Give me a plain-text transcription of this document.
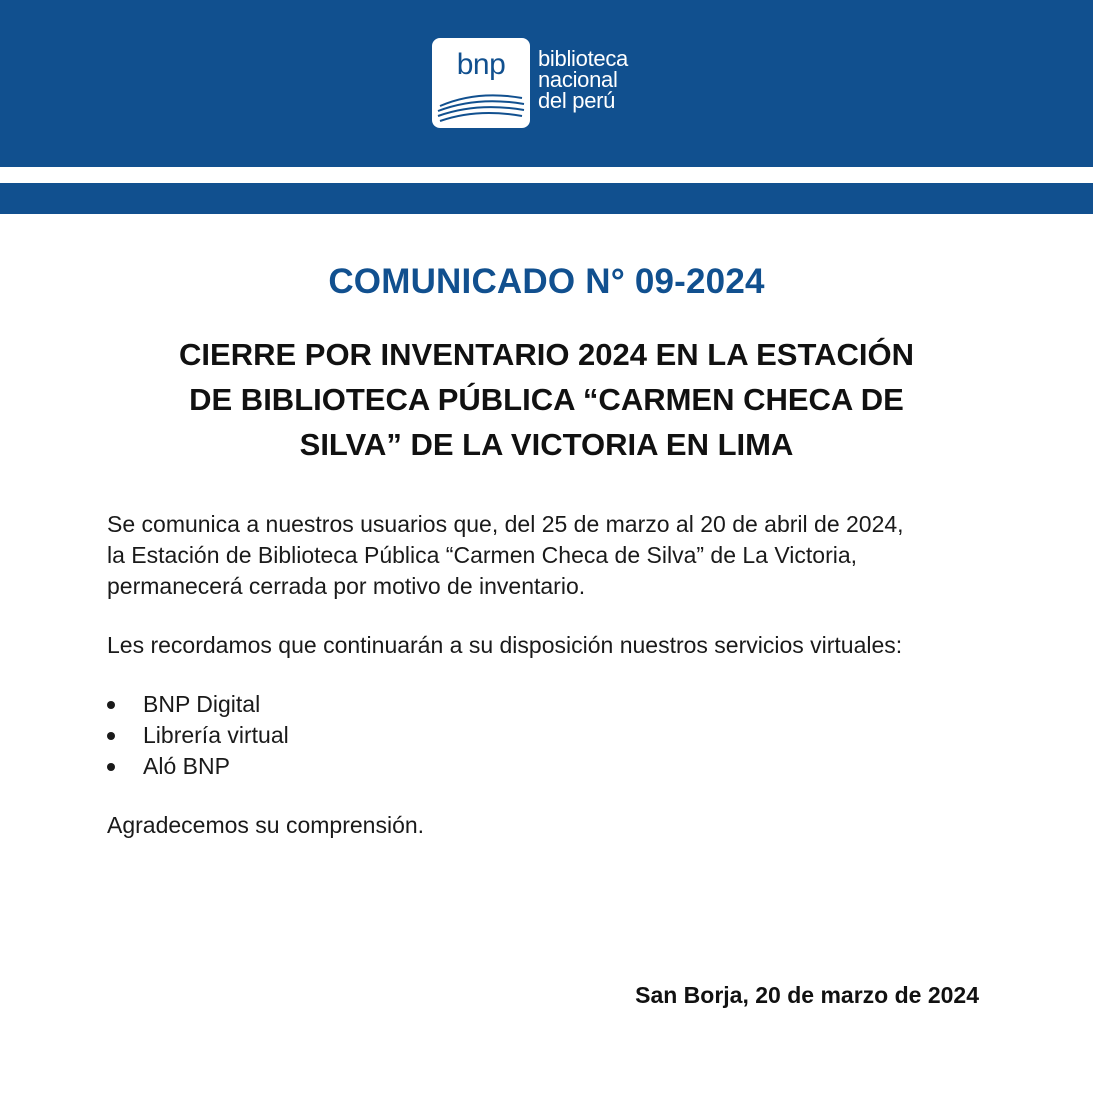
bnp	biblioteca
nacional
del perú
COMUNICADO N° 09-2024
CIERRE POR INVENTARIO 2024 EN LA ESTACIÓN
DE BIBLIOTECA PÚBLICA “CARMEN CHECA DE
SILVA” DE LA VICTORIA EN LIMA
Se comunica a nuestros usuarios que, del 25 de marzo al 20 de abril de 2024,
la Estación de Biblioteca Pública “Carmen Checa de Silva” de La Victoria,
permanecerá cerrada por motivo de inventario.

Les recordamos que continuarán a su disposición nuestros servicios virtuales:

BNP Digital
Librería virtual
Aló BNP

Agradecemos su comprensión.

San Borja, 20 de marzo de 2024
